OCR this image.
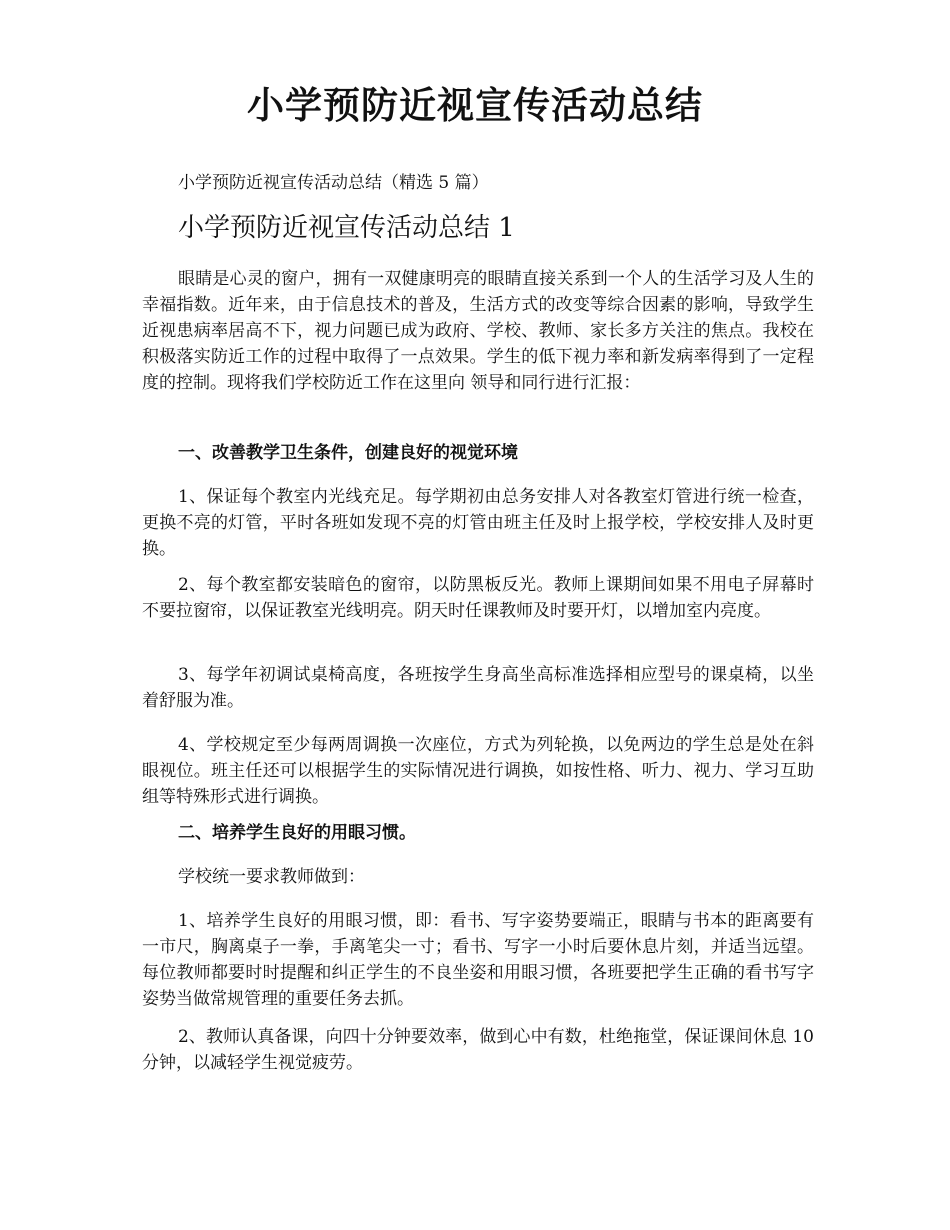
小学预防近视宣传活动总结

小学预防近视宣传活动总结（精选 5 篇）

小学预防近视宣传活动总结 1

眼睛是心灵的窗户，拥有一双健康明亮的眼睛直接关系到一个人的生活学习及人生的幸福指数。近年来，由于信息技术的普及，生活方式的改变等综合因素的影响，导致学生近视患病率居高不下，视力问题已成为政府、学校、教师、家长多方关注的焦点。我校在积极落实防近工作的过程中取得了一点效果。学生的低下视力率和新发病率得到了一定程度的控制。现将我们学校防近工作在这里向 领导和同行进行汇报：

一、改善教学卫生条件，创建良好的视觉环境

1、保证每个教室内光线充足。每学期初由总务安排人对各教室灯管进行统一检查，更换不亮的灯管，平时各班如发现不亮的灯管由班主任及时上报学校，学校安排人及时更换。

2、每个教室都安装暗色的窗帘，以防黑板反光。教师上课期间如果不用电子屏幕时不要拉窗帘，以保证教室光线明亮。阴天时任课教师及时要开灯，以增加室内亮度。

3、每学年初调试桌椅高度，各班按学生身高坐高标准选择相应型号的课桌椅，以坐着舒服为准。

4、学校规定至少每两周调换一次座位，方式为列轮换，以免两边的学生总是处在斜眼视位。班主任还可以根据学生的实际情况进行调换，如按性格、听力、视力、学习互助组等特殊形式进行调换。

二、培养学生良好的用眼习惯。

学校统一要求教师做到：

1、培养学生良好的用眼习惯，即：看书、写字姿势要端正，眼睛与书本的距离要有一市尺，胸离桌子一拳，手离笔尖一寸；看书、写字一小时后要休息片刻，并适当远望。每位教师都要时时提醒和纠正学生的不良坐姿和用眼习惯，各班要把学生正确的看书写字姿势当做常规管理的重要任务去抓。

2、教师认真备课，向四十分钟要效率，做到心中有数，杜绝拖堂，保证课间休息 10 分钟，以减轻学生视觉疲劳。
